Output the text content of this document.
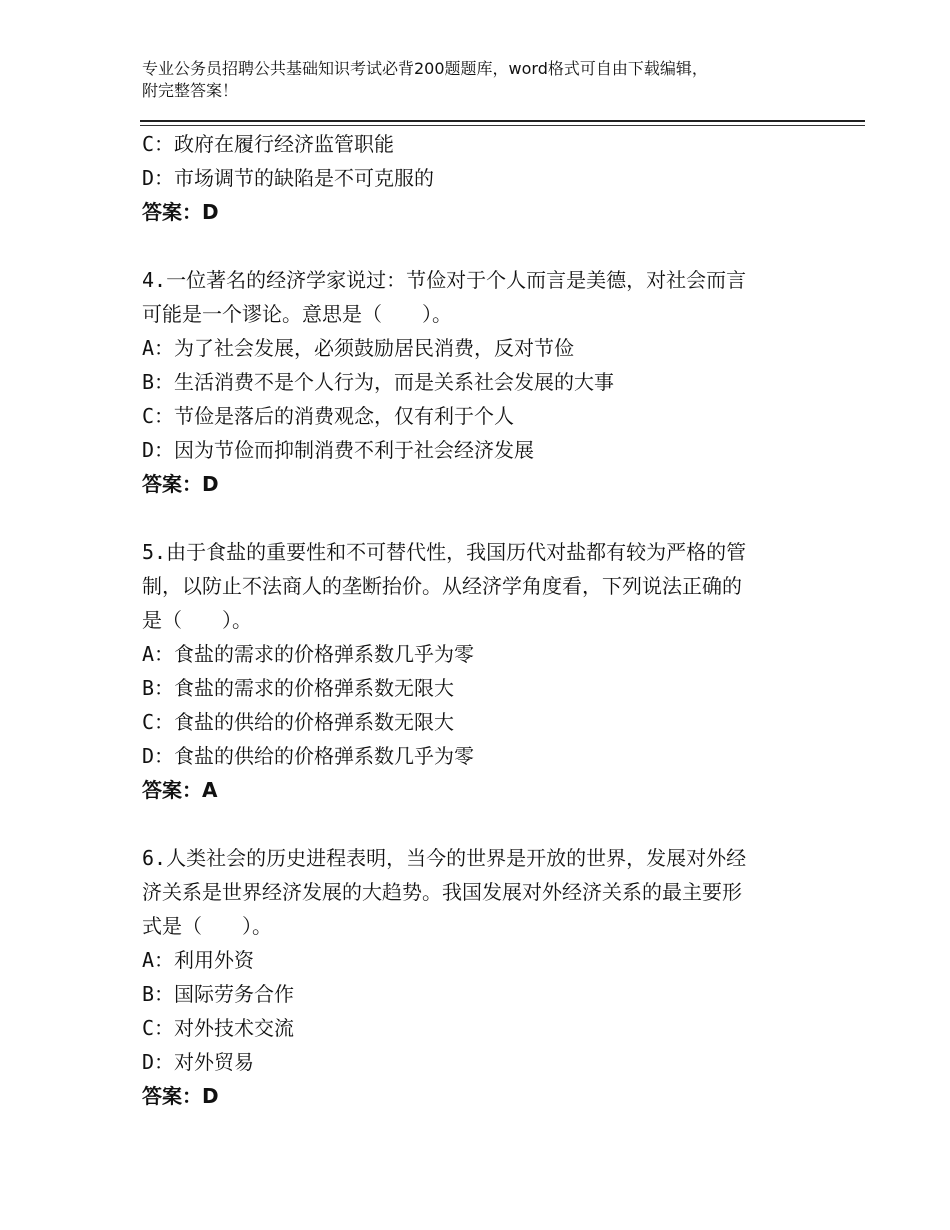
专业公务员招聘公共基础知识考试必背200题题库，word格式可自由下载编辑，
附完整答案！
C：政府在履行经济监管职能
D：市场调节的缺陷是不可克服的
答案：D
4.一位著名的经济学家说过：节俭对于个人而言是美德，对社会而言
可能是一个谬论。意思是（　　）。
A：为了社会发展，必须鼓励居民消费，反对节俭
B：生活消费不是个人行为，而是关系社会发展的大事
C：节俭是落后的消费观念，仅有利于个人
D：因为节俭而抑制消费不利于社会经济发展
答案：D
5.由于食盐的重要性和不可替代性，我国历代对盐都有较为严格的管
制，以防止不法商人的垄断抬价。从经济学角度看，下列说法正确的
是（　　）。
A：食盐的需求的价格弹系数几乎为零
B：食盐的需求的价格弹系数无限大
C：食盐的供给的价格弹系数无限大
D：食盐的供给的价格弹系数几乎为零
答案：A
6.人类社会的历史进程表明，当今的世界是开放的世界，发展对外经
济关系是世界经济发展的大趋势。我国发展对外经济关系的最主要形
式是（　　）。
A：利用外资
B：国际劳务合作
C：对外技术交流
D：对外贸易
答案：D
